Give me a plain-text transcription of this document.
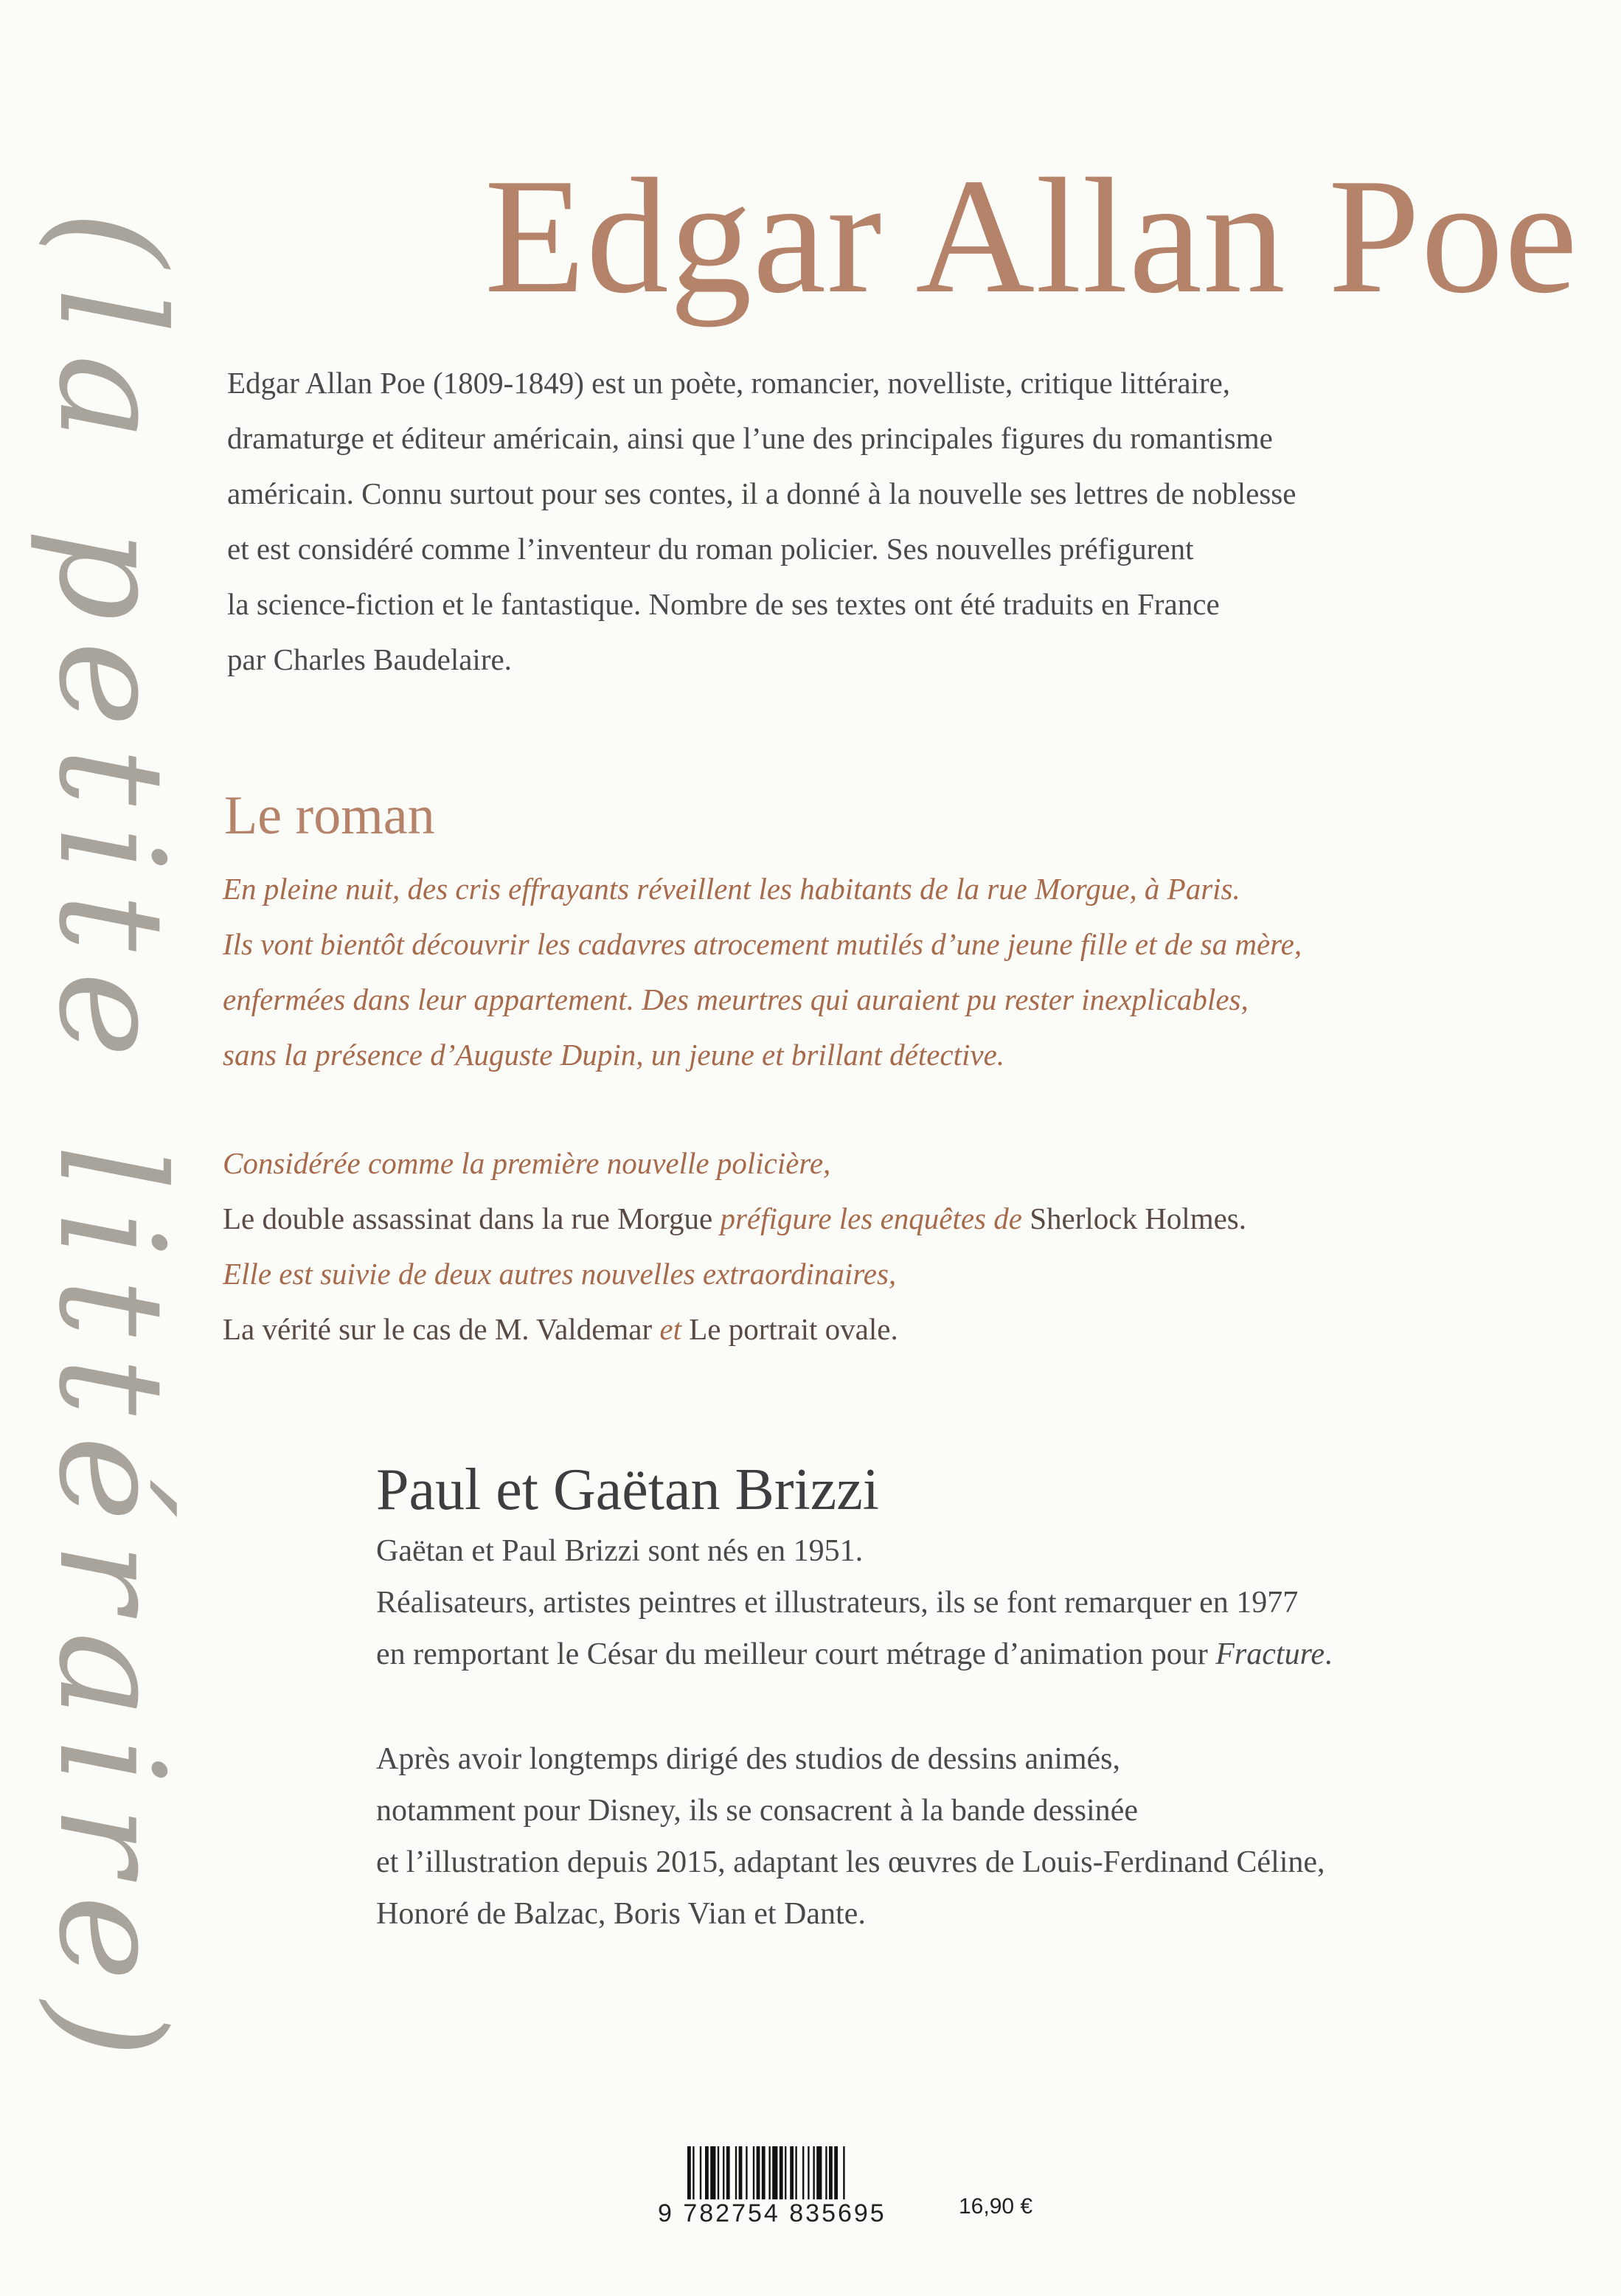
(la petite littéraire) Edgar Allan Poe

Edgar Allan Poe (1809-1849) est un poète, romancier, novelliste, critique littéraire,

dramaturge et éditeur américain, ainsi que l’une des principales figures du romantisme

américain. Connu surtout pour ses contes, il a donné à la nouvelle ses lettres de noblesse

et est considéré comme l’inventeur du roman policier. Ses nouvelles préfigurent

la science-fiction et le fantastique. Nombre de ses textes ont été traduits en France

par Charles Baudelaire.

Le roman

En pleine nuit, des cris effrayants réveillent les habitants de la rue Morgue, à Paris.

Ils vont bientôt découvrir les cadavres atrocement mutilés d’une jeune fille et de sa mère,

enfermées dans leur appartement. Des meurtres qui auraient pu rester inexplicables,

sans la présence d’Auguste Dupin, un jeune et brillant détective.

Considérée comme la première nouvelle policière,
Le double assassinat dans la rue Morgue préfigure les enquêtes de Sherlock Holmes.
Elle est suivie de deux autres nouvelles extraordinaires,
La vérité sur le cas de M. Valdemar et Le portrait ovale.
Paul et Gaëtan Brizzi

Gaëtan et Paul Brizzi sont nés en 1951.

Réalisateurs, artistes peintres et illustrateurs, ils se font remarquer en 1977

en remportant le César du meilleur court métrage d’animation pour Fracture.

Après avoir longtemps dirigé des studios de dessins animés,

notamment pour Disney, ils se consacrent à la bande dessinée

et l’illustration depuis 2015, adaptant les œuvres de Louis-Ferdinand Céline,

Honoré de Balzac, Boris Vian et Dante.

9 782754 835695	16,90 €
